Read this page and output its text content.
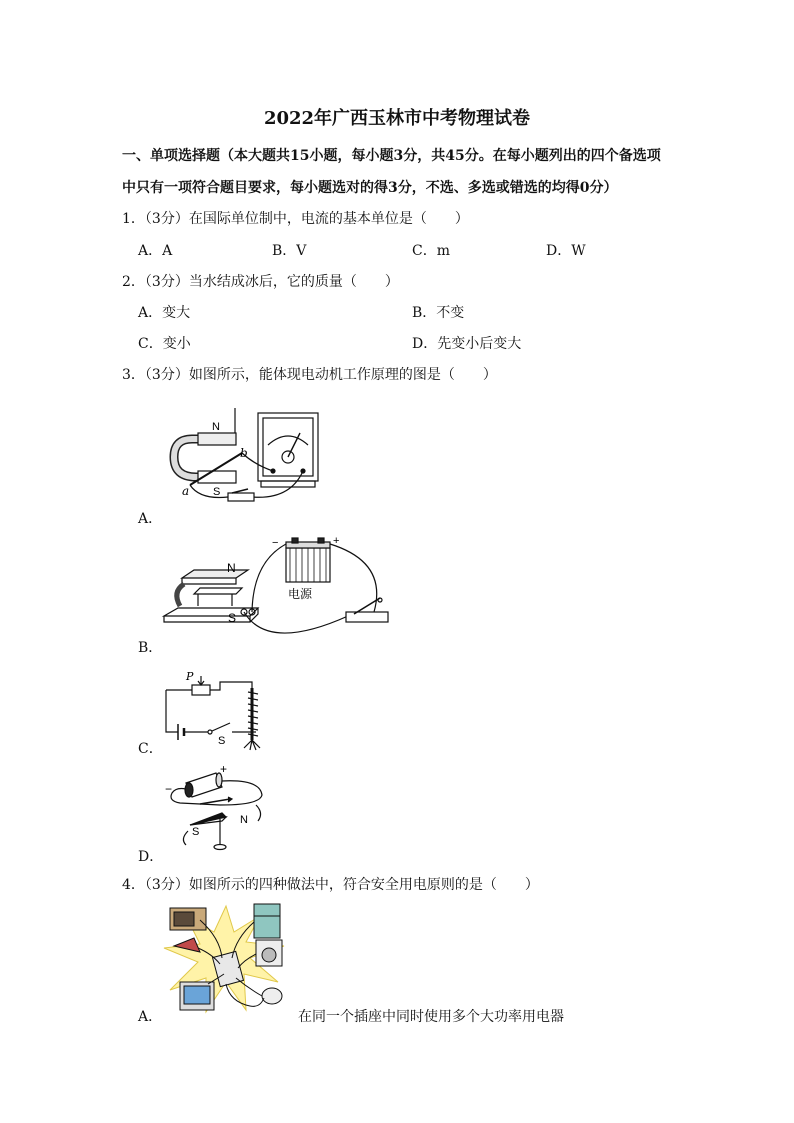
2022年广西玉林市中考物理试卷
一、单项选择题（本大题共15小题，每小题3分，共45分。在每小题列出的四个备选项
中只有一项符合题目要求，每小题选对的得3分，不选、多选或错选的均得0分）
1．（3分）在国际单位制中，电流的基本单位是（　　）
A．A	B．V	C．m	D．W
2．（3分）当水结成冰后，它的质量（　　）
A．变大	B．不变
C．变小	D．先变小后变大
3．（3分）如图所示，能体现电动机工作原理的图是（　　）
N
S
a
b
A．
N
S
−	+
电源
B．
P
S
C．
+
−
S
N
D．
4．（3分）如图所示的四种做法中，符合安全用电原则的是（　　）
A．	在同一个插座中同时使用多个大功率用电器
